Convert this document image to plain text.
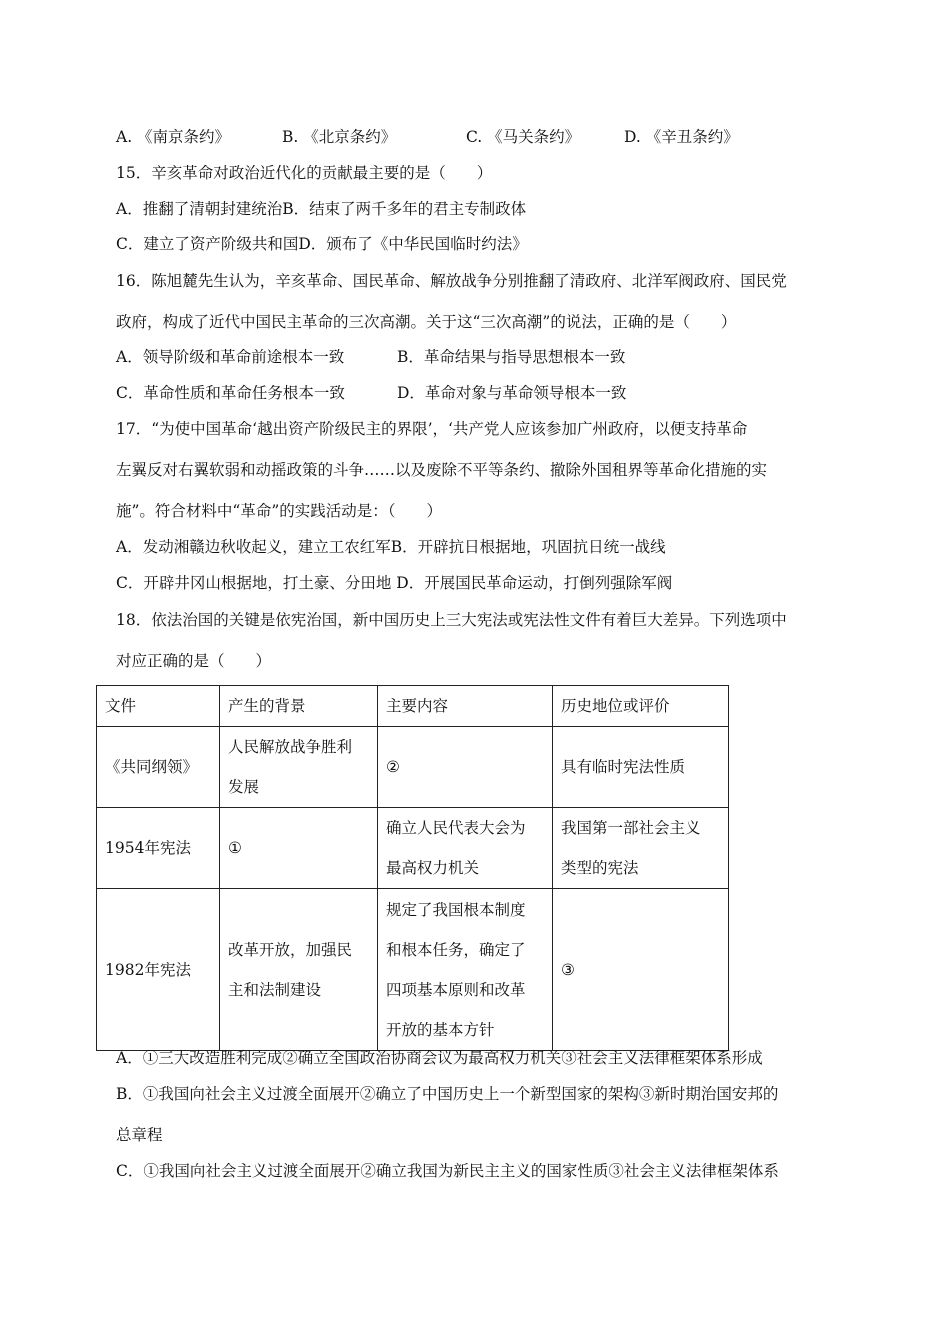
A. 《南京条约》	B. 《北京条约》	C. 《马关条约》	D. 《辛丑条约》
15．辛亥革命对政治近代化的贡献最主要的是（　　）
A．推翻了清朝封建统治B．结束了两千多年的君主专制政体
C．建立了资产阶级共和国D．颁布了《中华民国临时约法》
16．陈旭麓先生认为，辛亥革命、国民革命、解放战争分别推翻了清政府、北洋军阀政府、国民党
政府，构成了近代中国民主革命的三次高潮。关于这“三次高潮”的说法，正确的是（　　）
A．领导阶级和革命前途根本一致	B．革命结果与指导思想根本一致
C．革命性质和革命任务根本一致	D．革命对象与革命领导根本一致
17．“为使中国革命‘越出资产阶级民主的界限’，‘共产党人应该参加广州政府，以便支持革命
左翼反对右翼软弱和动摇政策的斗争……以及废除不平等条约、撤除外国租界等革命化措施的实
施”。符合材料中“革命”的实践活动是：（　　）
A．发动湘赣边秋收起义，建立工农红军B．开辟抗日根据地，巩固抗日统一战线
C．开辟井冈山根据地，打土豪、分田地 D．开展国民革命运动，打倒列强除军阀
18．依法治国的关键是依宪治国，新中国历史上三大宪法或宪法性文件有着巨大差异。下列选项中
对应正确的是（　　）
文件	产生的背景	主要内容	历史地位或评价
《共同纲领》	人民解放战争胜利 发展	②	具有临时宪法性质
1954年宪法	①	确立人民代表大会为 最高权力机关	我国第一部社会主义 类型的宪法
1982年宪法	改革开放，加强民 主和法制建设	规定了我国根本制度 和根本任务，确定了 四项基本原则和改革 开放的基本方针	③
A．①三大改造胜利完成②确立全国政治协商会议为最高权力机关③社会主义法律框架体系形成
B．①我国向社会主义过渡全面展开②确立了中国历史上一个新型国家的架构③新时期治国安邦的
总章程
C．①我国向社会主义过渡全面展开②确立我国为新民主主义的国家性质③社会主义法律框架体系
